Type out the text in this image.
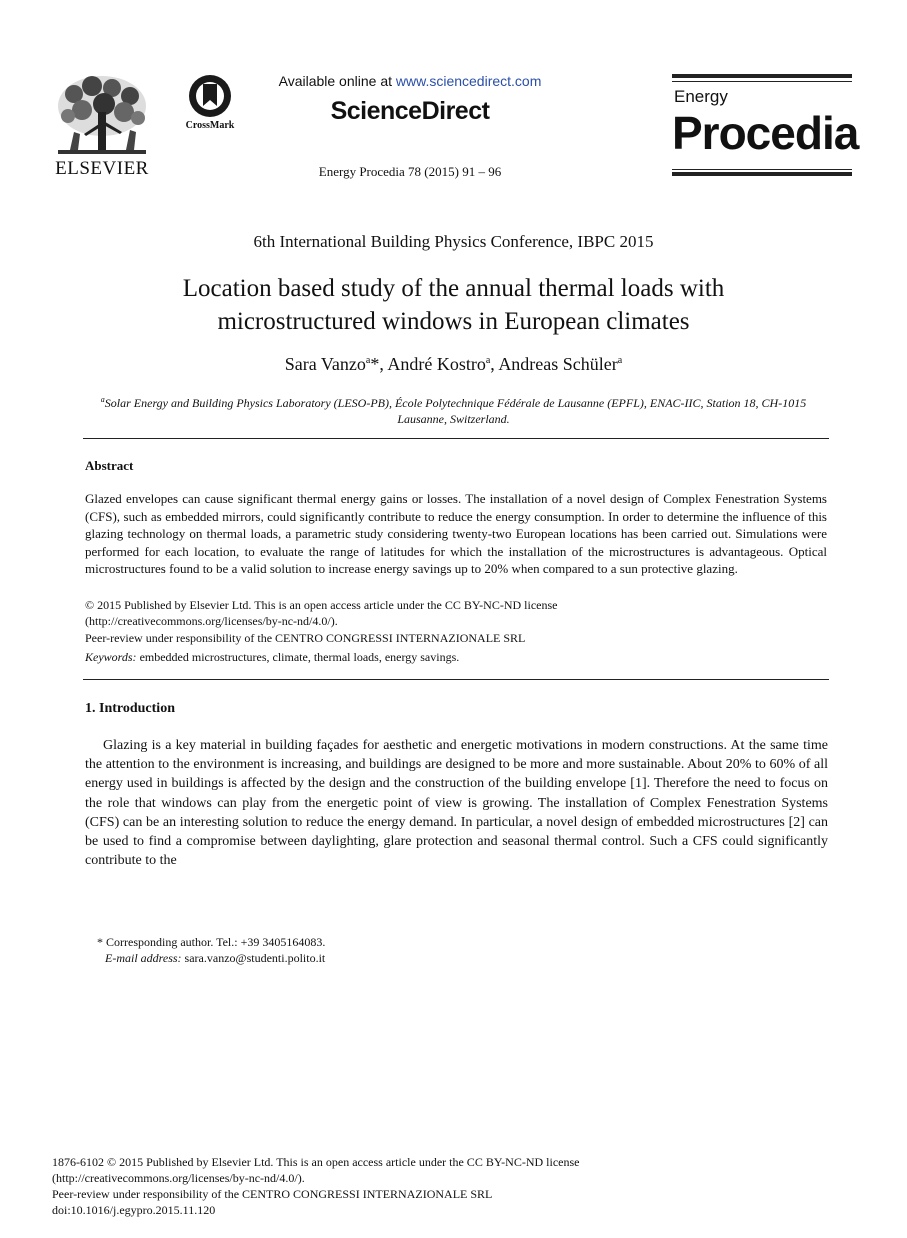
ELSEVIER
CrossMark
Available online at www.sciencedirect.com
ScienceDirect
Energy Procedia 78 (2015) 91 – 96
Energy
Procedia
6th International Building Physics Conference, IBPC 2015
Location based study of the annual thermal loads with
microstructured windows in European climates
Sara Vanzo$^a$*, André Kostro$^a$, Andreas Schüler$^a$
$^a$Solar Energy and Building Physics Laboratory (LESO-PB), École Polytechnique Fédérale de Lausanne (EPFL), ENAC-IIC, Station 18, CH-1015 Lausanne, Switzerland.
Abstract
Glazed envelopes can cause significant thermal energy gains or losses. The installation of a novel design of Complex Fenestration Systems (CFS), such as embedded mirrors, could significantly contribute to reduce the energy consumption. In order to determine the influence of this glazing technology on thermal loads, a parametric study considering twenty-two European locations has been carried out. Simulations were performed for each location, to evaluate the range of latitudes for which the installation of the microstructures is advantageous. Optical microstructures found to be a valid solution to increase energy savings up to 20% when compared to a sun protective glazing.
© 2015 Published by Elsevier Ltd. This is an open access article under the CC BY-NC-ND license
(http://creativecommons.org/licenses/by-nc-nd/4.0/).
Peer-review under responsibility of the CENTRO CONGRESSI INTERNAZIONALE SRL
Keywords: embedded microstructures, climate, thermal loads, energy savings.
1. Introduction
Glazing is a key material in building façades for aesthetic and energetic motivations in modern constructions. At the same time the attention to the environment is increasing, and buildings are designed to be more and more sustainable. About 20% to 60% of all energy used in buildings is affected by the design and the construction of the building envelope [1]. Therefore the need to focus on the role that windows can play from the energetic point of view is growing. The installation of Complex Fenestration Systems (CFS) can be an interesting solution to reduce the energy demand. In particular, a novel design of embedded microstructures [2] can be used to find a compromise between daylighting, glare protection and seasonal thermal control. Such a CFS could significantly contribute to the
* Corresponding author. Tel.: +39 3405164083.
E-mail address: sara.vanzo@studenti.polito.it
1876-6102 © 2015 Published by Elsevier Ltd. This is an open access article under the CC BY-NC-ND license
(http://creativecommons.org/licenses/by-nc-nd/4.0/).
Peer-review under responsibility of the CENTRO CONGRESSI INTERNAZIONALE SRL
doi:10.1016/j.egypro.2015.11.120
